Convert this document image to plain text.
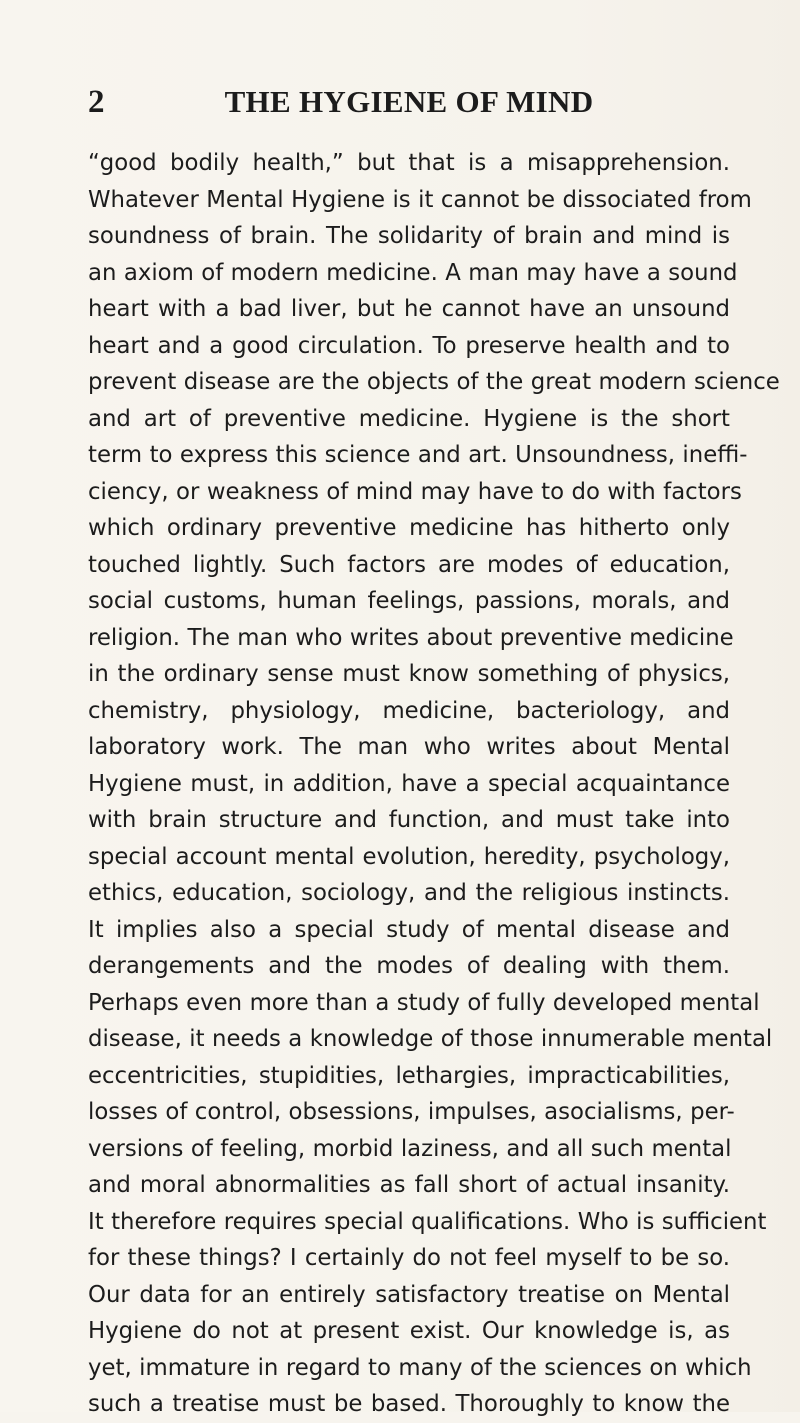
2	THE HYGIENE OF MIND
“good bodily health,” but that is a misapprehension.
Whatever Mental Hygiene is it cannot be dissociated from
soundness of brain. The solidarity of brain and mind is
an axiom of modern medicine. A man may have a sound
heart with a bad liver, but he cannot have an unsound
heart and a good circulation. To preserve health and to
prevent disease are the objects of the great modern science
and art of preventive medicine. Hygiene is the short
term to express this science and art. Unsoundness, ineffi-
ciency, or weakness of mind may have to do with factors
which ordinary preventive medicine has hitherto only
touched lightly. Such factors are modes of education,
social customs, human feelings, passions, morals, and
religion. The man who writes about preventive medicine
in the ordinary sense must know something of physics,
chemistry, physiology, medicine, bacteriology, and
laboratory work. The man who writes about Mental
Hygiene must, in addition, have a special acquaintance
with brain structure and function, and must take into
special account mental evolution, heredity, psychology,
ethics, education, sociology, and the religious instincts.
It implies also a special study of mental disease and
derangements and the modes of dealing with them.
Perhaps even more than a study of fully developed mental
disease, it needs a knowledge of those innumerable mental
eccentricities, stupidities, lethargies, impracticabilities,
losses of control, obsessions, impulses, asocialisms, per-
versions of feeling, morbid laziness, and all such mental
and moral abnormalities as fall short of actual insanity.
It therefore requires special qualifications. Who is sufficient
for these things? I certainly do not feel myself to be so.
Our data for an entirely satisfactory treatise on Mental
Hygiene do not at present exist. Our knowledge is, as
yet, immature in regard to many of the sciences on which
such a treatise must be based. Thoroughly to know the
